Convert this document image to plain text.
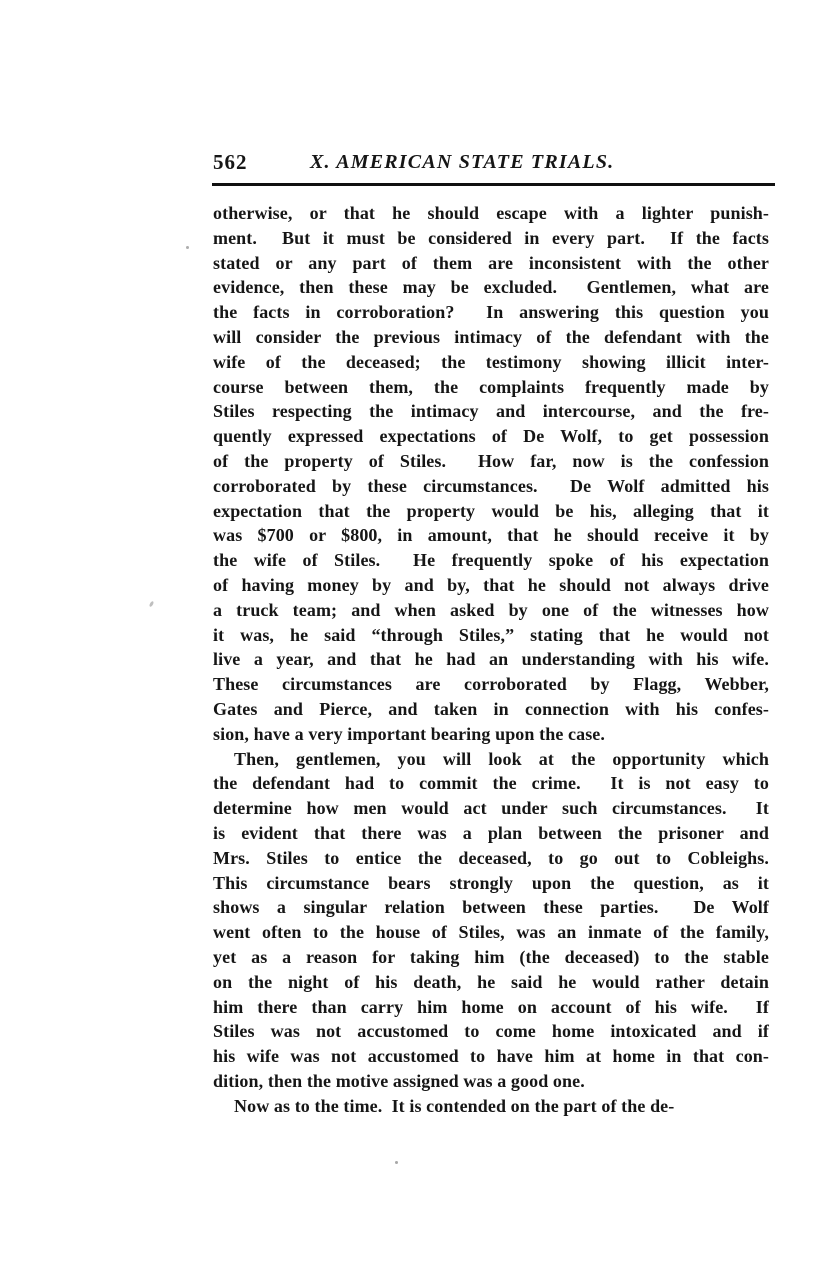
562	X. AMERICAN STATE TRIALS.
otherwise, or that he should escape with a lighter punish-
ment.  But it must be considered in every part.  If the facts
stated or any part of them are inconsistent with the other
evidence, then these may be excluded.  Gentlemen, what are
the facts in corroboration?  In answering this question you
will consider the previous intimacy of the defendant with the
wife of the deceased; the testimony showing illicit inter-
course between them, the complaints frequently made by
Stiles respecting the intimacy and intercourse, and the fre-
quently expressed expectations of De Wolf, to get possession
of the property of Stiles.  How far, now is the confession
corroborated by these circumstances.  De Wolf admitted his
expectation that the property would be his, alleging that it
was $700 or $800, in amount, that he should receive it by
the wife of Stiles.  He frequently spoke of his expectation
of having money by and by, that he should not always drive
a truck team; and when asked by one of the witnesses how
it was, he said “through Stiles,” stating that he would not
live a year, and that he had an understanding with his wife.
These circumstances are corroborated by Flagg, Webber,
Gates and Pierce, and taken in connection with his confes-
sion, have a very important bearing upon the case.
Then, gentlemen, you will look at the opportunity which
the defendant had to commit the crime.  It is not easy to
determine how men would act under such circumstances.  It
is evident that there was a plan between the prisoner and
Mrs. Stiles to entice the deceased, to go out to Cobleighs.
This circumstance bears strongly upon the question, as it
shows a singular relation between these parties.  De Wolf
went often to the house of Stiles, was an inmate of the family,
yet as a reason for taking him (the deceased) to the stable
on the night of his death, he said he would rather detain
him there than carry him home on account of his wife.  If
Stiles was not accustomed to come home intoxicated and if
his wife was not accustomed to have him at home in that con-
dition, then the motive assigned was a good one.
Now as to the time.  It is contended on the part of the de-
